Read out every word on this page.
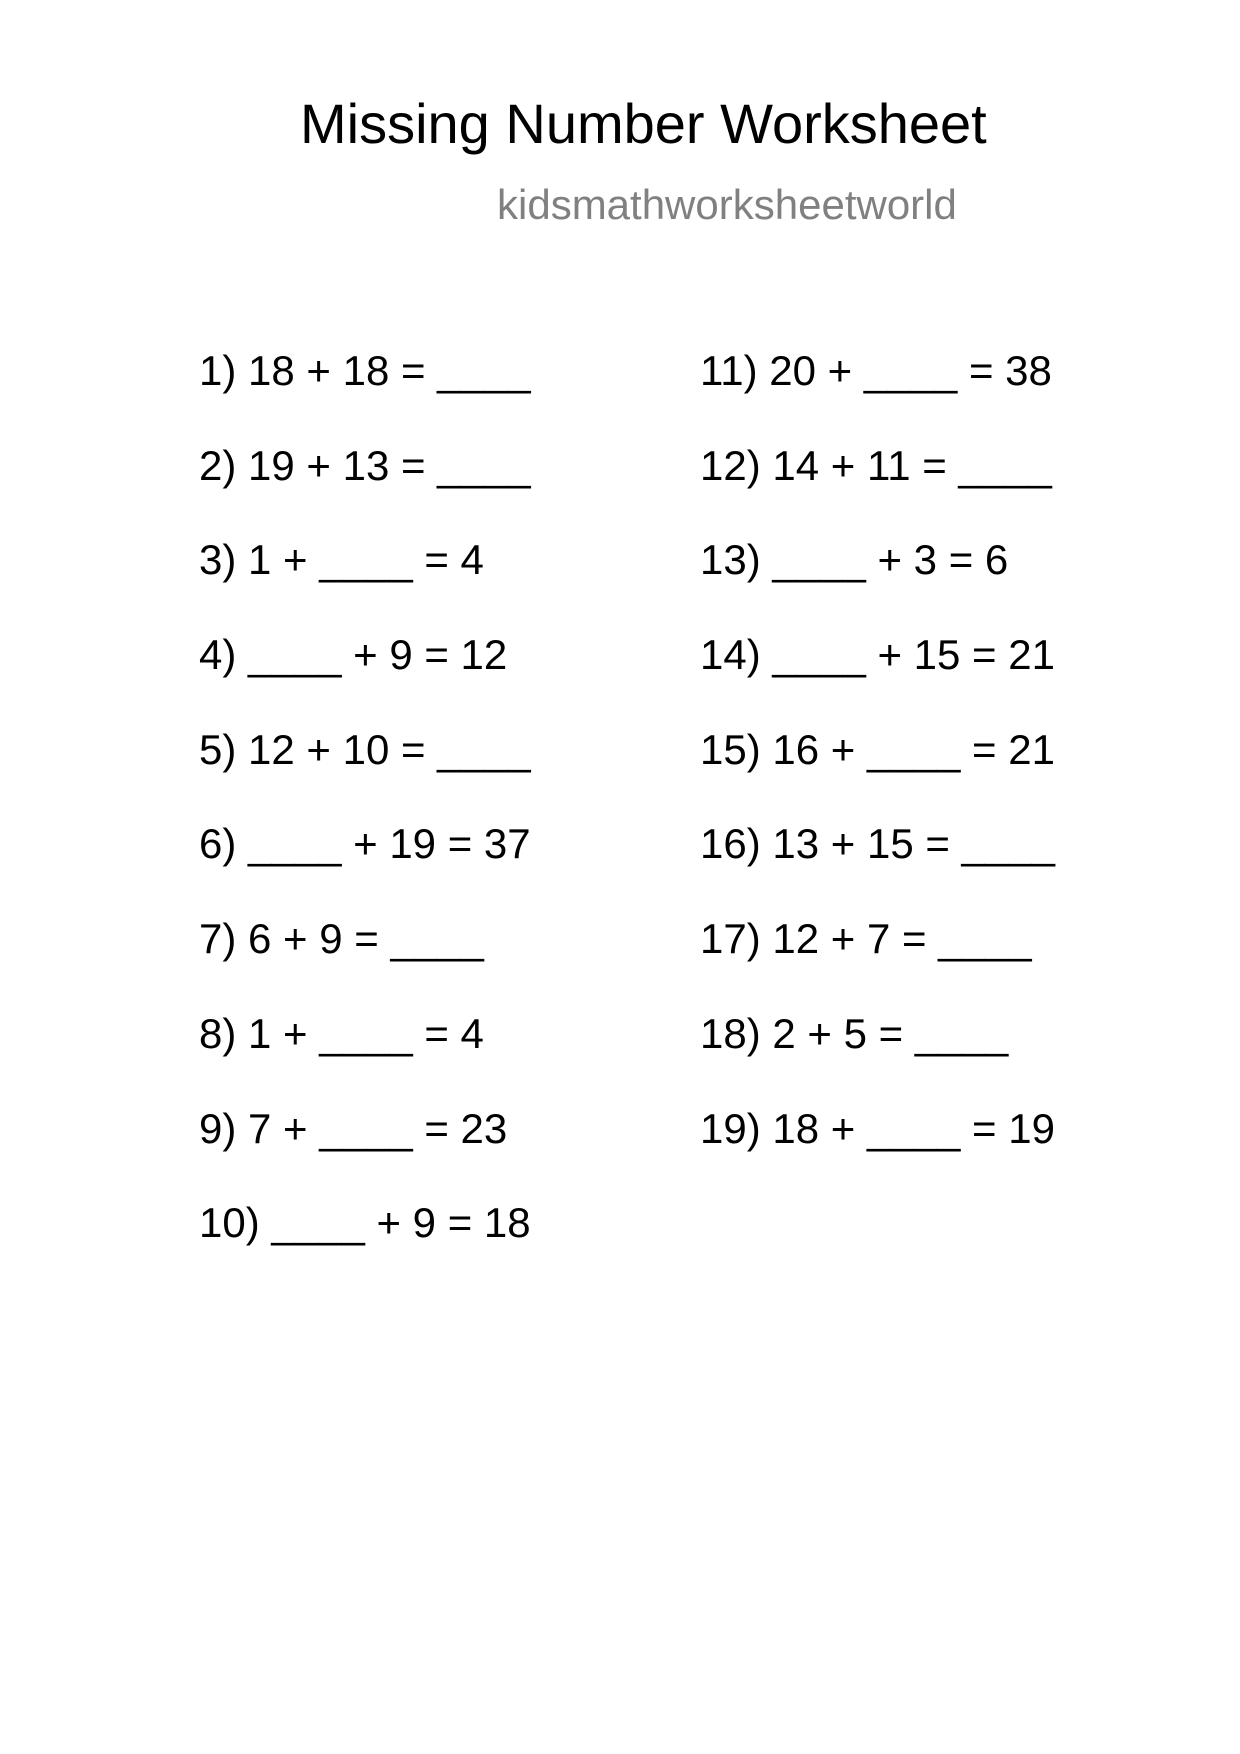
Missing Number Worksheet
kidsmathworksheetworld
1) 18 + 18 = ____
2) 19 + 13 = ____
3) 1 + ____ = 4
4) ____ + 9 = 12
5) 12 + 10 = ____
6) ____ + 19 = 37
7) 6 + 9 = ____
8) 1 + ____ = 4
9) 7 + ____ = 23
10) ____ + 9 = 18
11) 20 + ____ = 38
12) 14 + 11 = ____
13) ____ + 3 = 6
14) ____ + 15 = 21
15) 16 + ____ = 21
16) 13 + 15 = ____
17) 12 + 7 = ____
18) 2 + 5 = ____
19) 18 + ____ = 19
